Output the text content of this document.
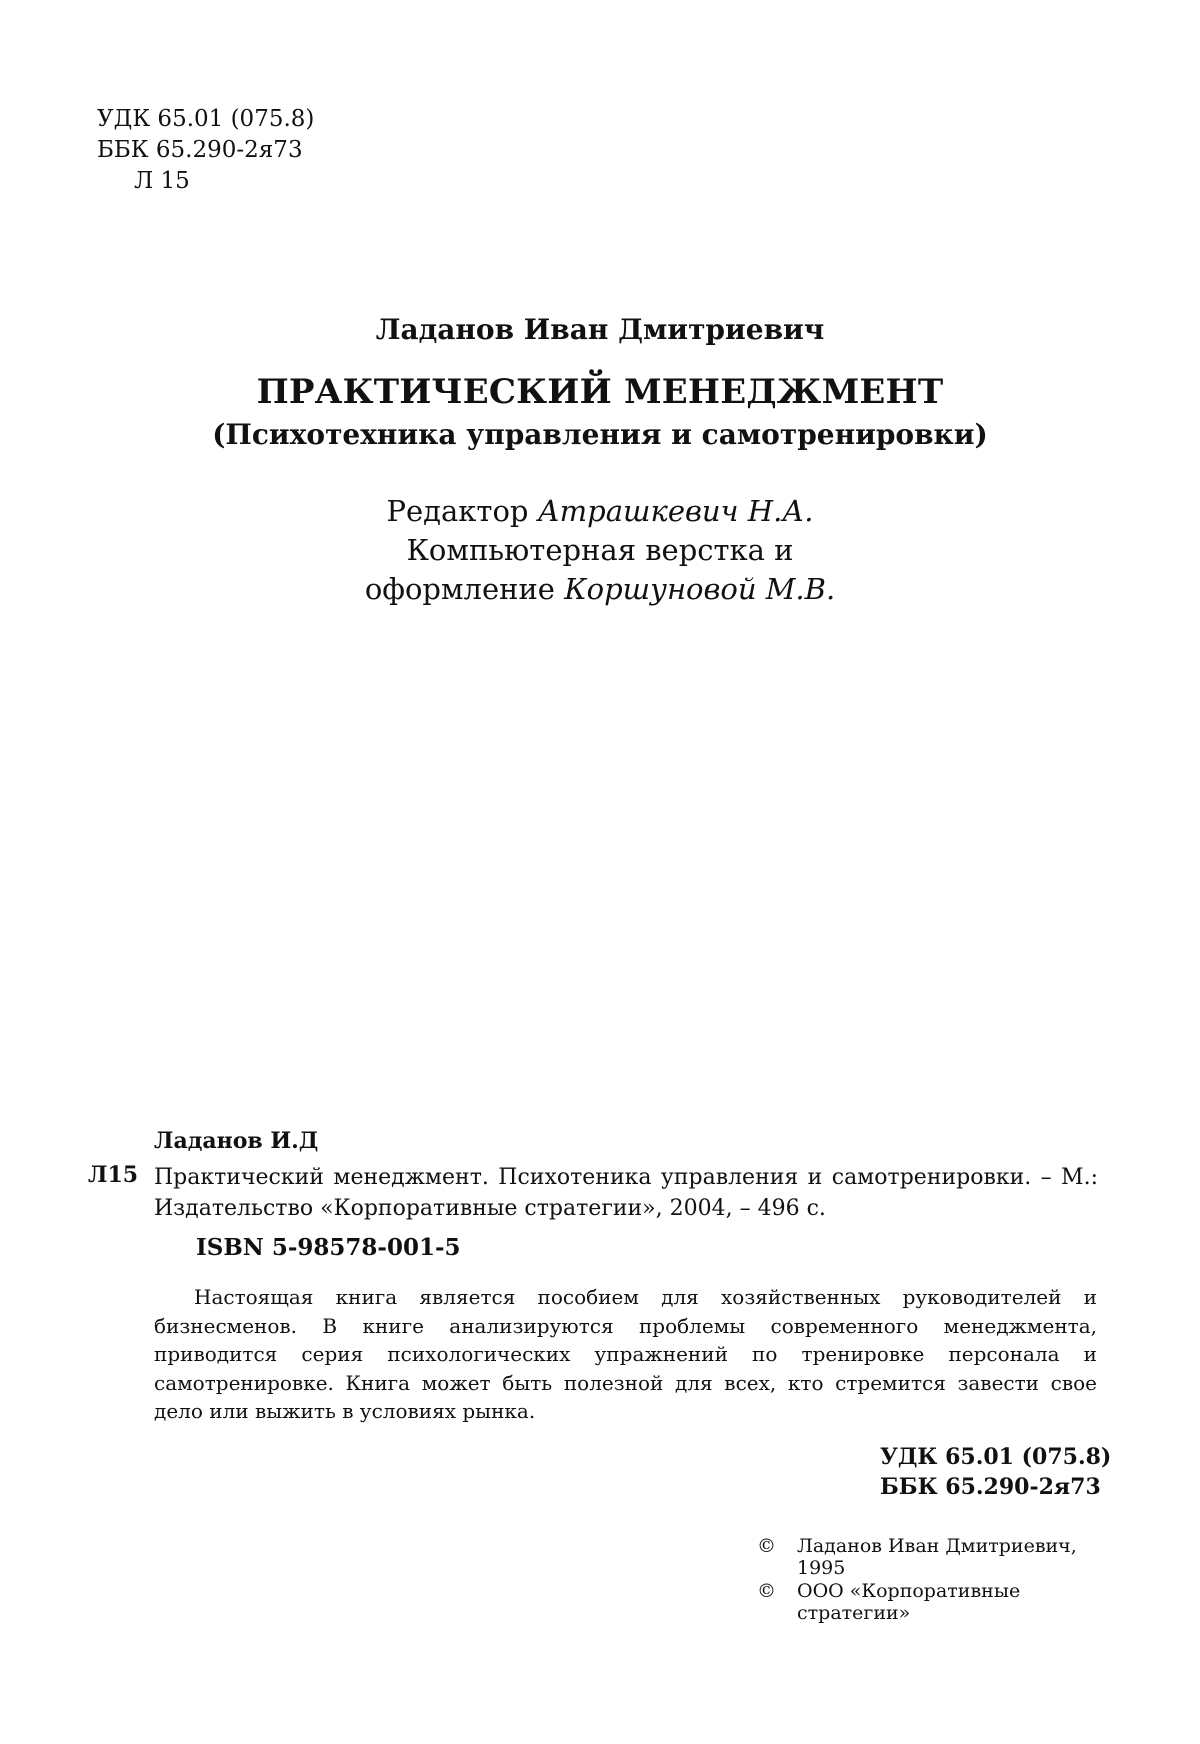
УДК 65.01 (075.8)
ББК 65.290-2я73
Л 15
Ладанов Иван Дмитриевич
ПРАКТИЧЕСКИЙ МЕНЕДЖМЕНТ
(Психотехника управления и самотренировки)
Редактор Атрашкевич Н.А.
Компьютерная верстка и
оформление Коршуновой М.В.
Ладанов И.Д
Л15 Практический менеджмент. Психотеника управления и самотренировки. – М.: Издательство «Корпоративные стратегии», 2004, – 496 с.
ISBN 5-98578-001-5
Настоящая книга является пособием для хозяйственных руководителей и бизнесменов. В книге анализируются проблемы современного менеджмента, приводится серия психологических упражнений по тренировке персонала и самотренировке. Книга может быть полезной для всех, кто стремится завести свое дело или выжить в условиях рынка.
УДК 65.01 (075.8)
ББК 65.290-2я73
© Ладанов Иван Дмитриевич, 1995
© ООО «Корпоративные стратегии»
